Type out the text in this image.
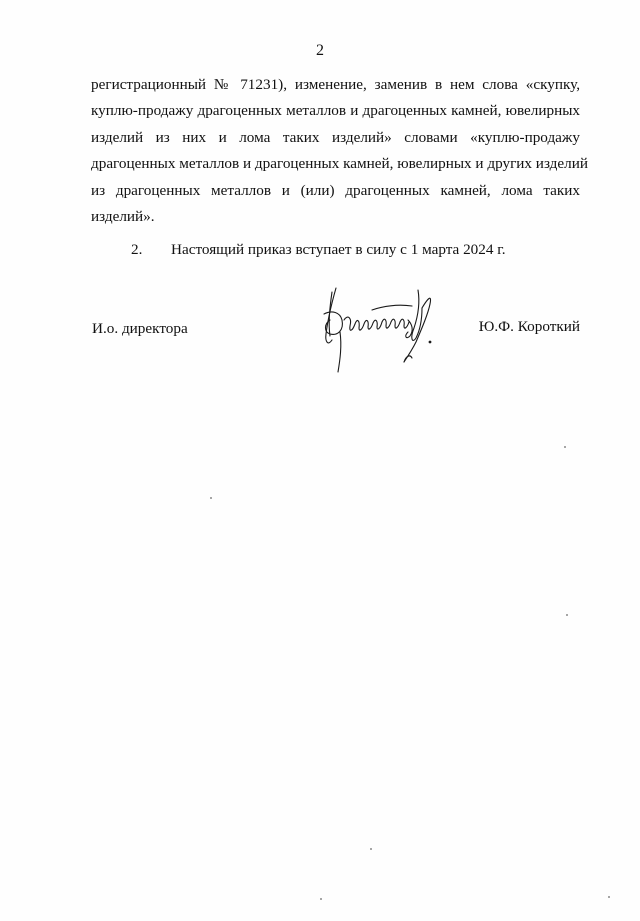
2
регистрационный № 71231), изменение, заменив в нем слова «скупку,
куплю-продажу драгоценных металлов и драгоценных камней, ювелирных
изделий из них и лома таких изделий» словами «куплю-продажу
драгоценных металлов и драгоценных камней, ювелирных и других изделий
из драгоценных металлов и (или) драгоценных камней, лома таких
изделий».
2. Настоящий приказ вступает в силу с 1 марта 2024 г.
И.о. директора	Ю.Ф. Короткий
